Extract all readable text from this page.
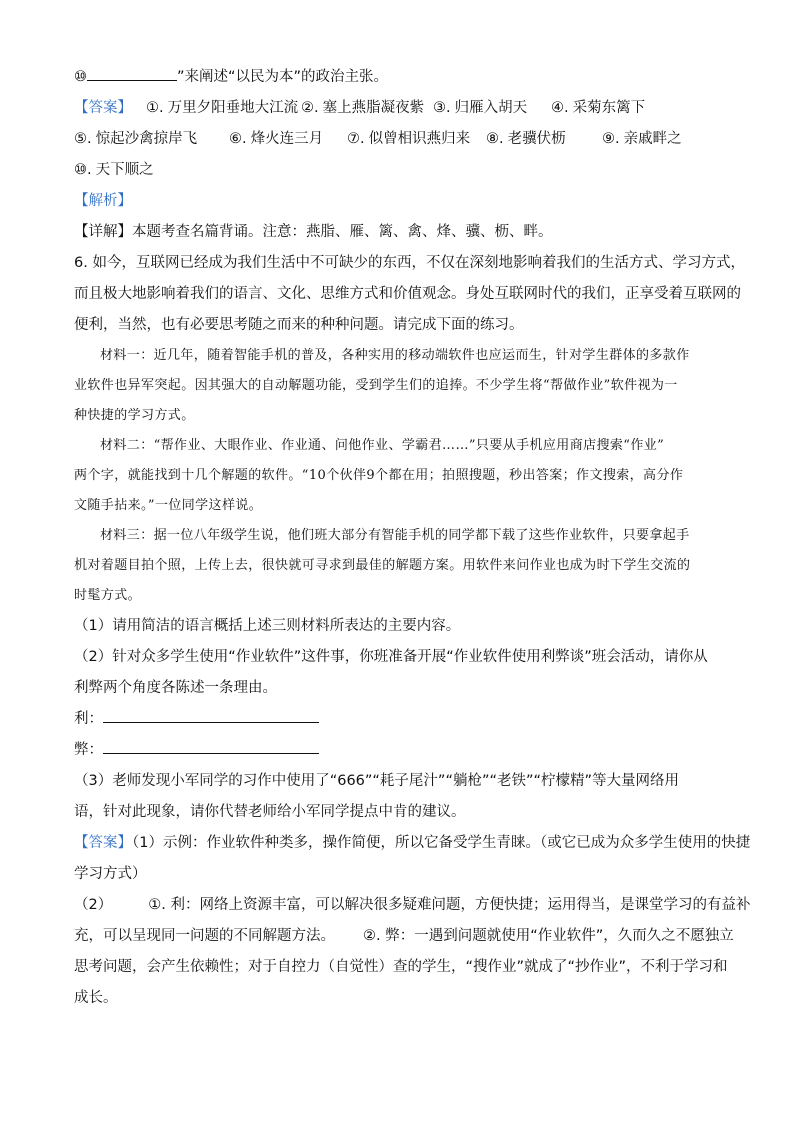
⑩	”来阐述“以民为本”的政治主张。
【答案】 ①. 万里夕阳垂地大江流 ②. 塞上燕脂凝夜紫 ③. 归雁入胡天	④. 采菊东篱下
⑤. 惊起沙禽掠岸飞	⑥. 烽火连三月	⑦. 似曾相识燕归来	⑧. 老骥伏枥	⑨. 亲戚畔之
⑩. 天下顺之
【解析】
【详解】本题考查名篇背诵。注意：燕脂、雁、篱、禽、烽、骥、枥、畔。
6. 如今，互联网已经成为我们生活中不可缺少的东西，不仅在深刻地影响着我们的生活方式、学习方式，
而且极大地影响着我们的语言、文化、思维方式和价值观念。身处互联网时代的我们，正享受着互联网的
便利，当然，也有必要思考随之而来的种种问题。请完成下面的练习。
材料一：近几年，随着智能手机的普及，各种实用的移动端软件也应运而生，针对学生群体的多款作
业软件也异军突起。因其强大的自动解题功能，受到学生们的追捧。不少学生将“帮做作业”软件视为一
种快捷的学习方式。
材料二：“帮作业、大眼作业、作业通、问他作业、学霸君……”只要从手机应用商店搜索“作业”
两个字，就能找到十几个解题的软件。“10个伙伴9个都在用；拍照搜题，秒出答案；作文搜索，高分作
文随手拈来。”一位同学这样说。
材料三：据一位八年级学生说，他们班大部分有智能手机的同学都下载了这些作业软件，只要拿起手
机对着题目拍个照，上传上去，很快就可寻求到最佳的解题方案。用软件来问作业也成为时下学生交流的
时髦方式。
（1）请用简洁的语言概括上述三则材料所表达的主要内容。
（2）针对众多学生使用“作业软件”这件事，你班准备开展“作业软件使用利弊谈”班会活动，请你从
利弊两个角度各陈述一条理由。
利：
弊：
（3）老师发现小军同学的习作中使用了“666”“耗子尾汁”“躺枪”“老铁”“柠檬精”等大量网络用
语，针对此现象，请你代替老师给小军同学提点中肯的建议。
【答案】（1）示例：作业软件种类多，操作简便，所以它备受学生青睐。（或它已成为众多学生使用的快捷
学习方式）
（2） ①. 利：网络上资源丰富，可以解决很多疑难问题，方便快捷；运用得当，是课堂学习的有益补
充，可以呈现同一问题的不同解题方法。 ②. 弊：一遇到问题就使用“作业软件”，久而久之不愿独立
思考问题，会产生依赖性；对于自控力（自觉性）查的学生，“搜作业”就成了“抄作业”，不利于学习和
成长。
